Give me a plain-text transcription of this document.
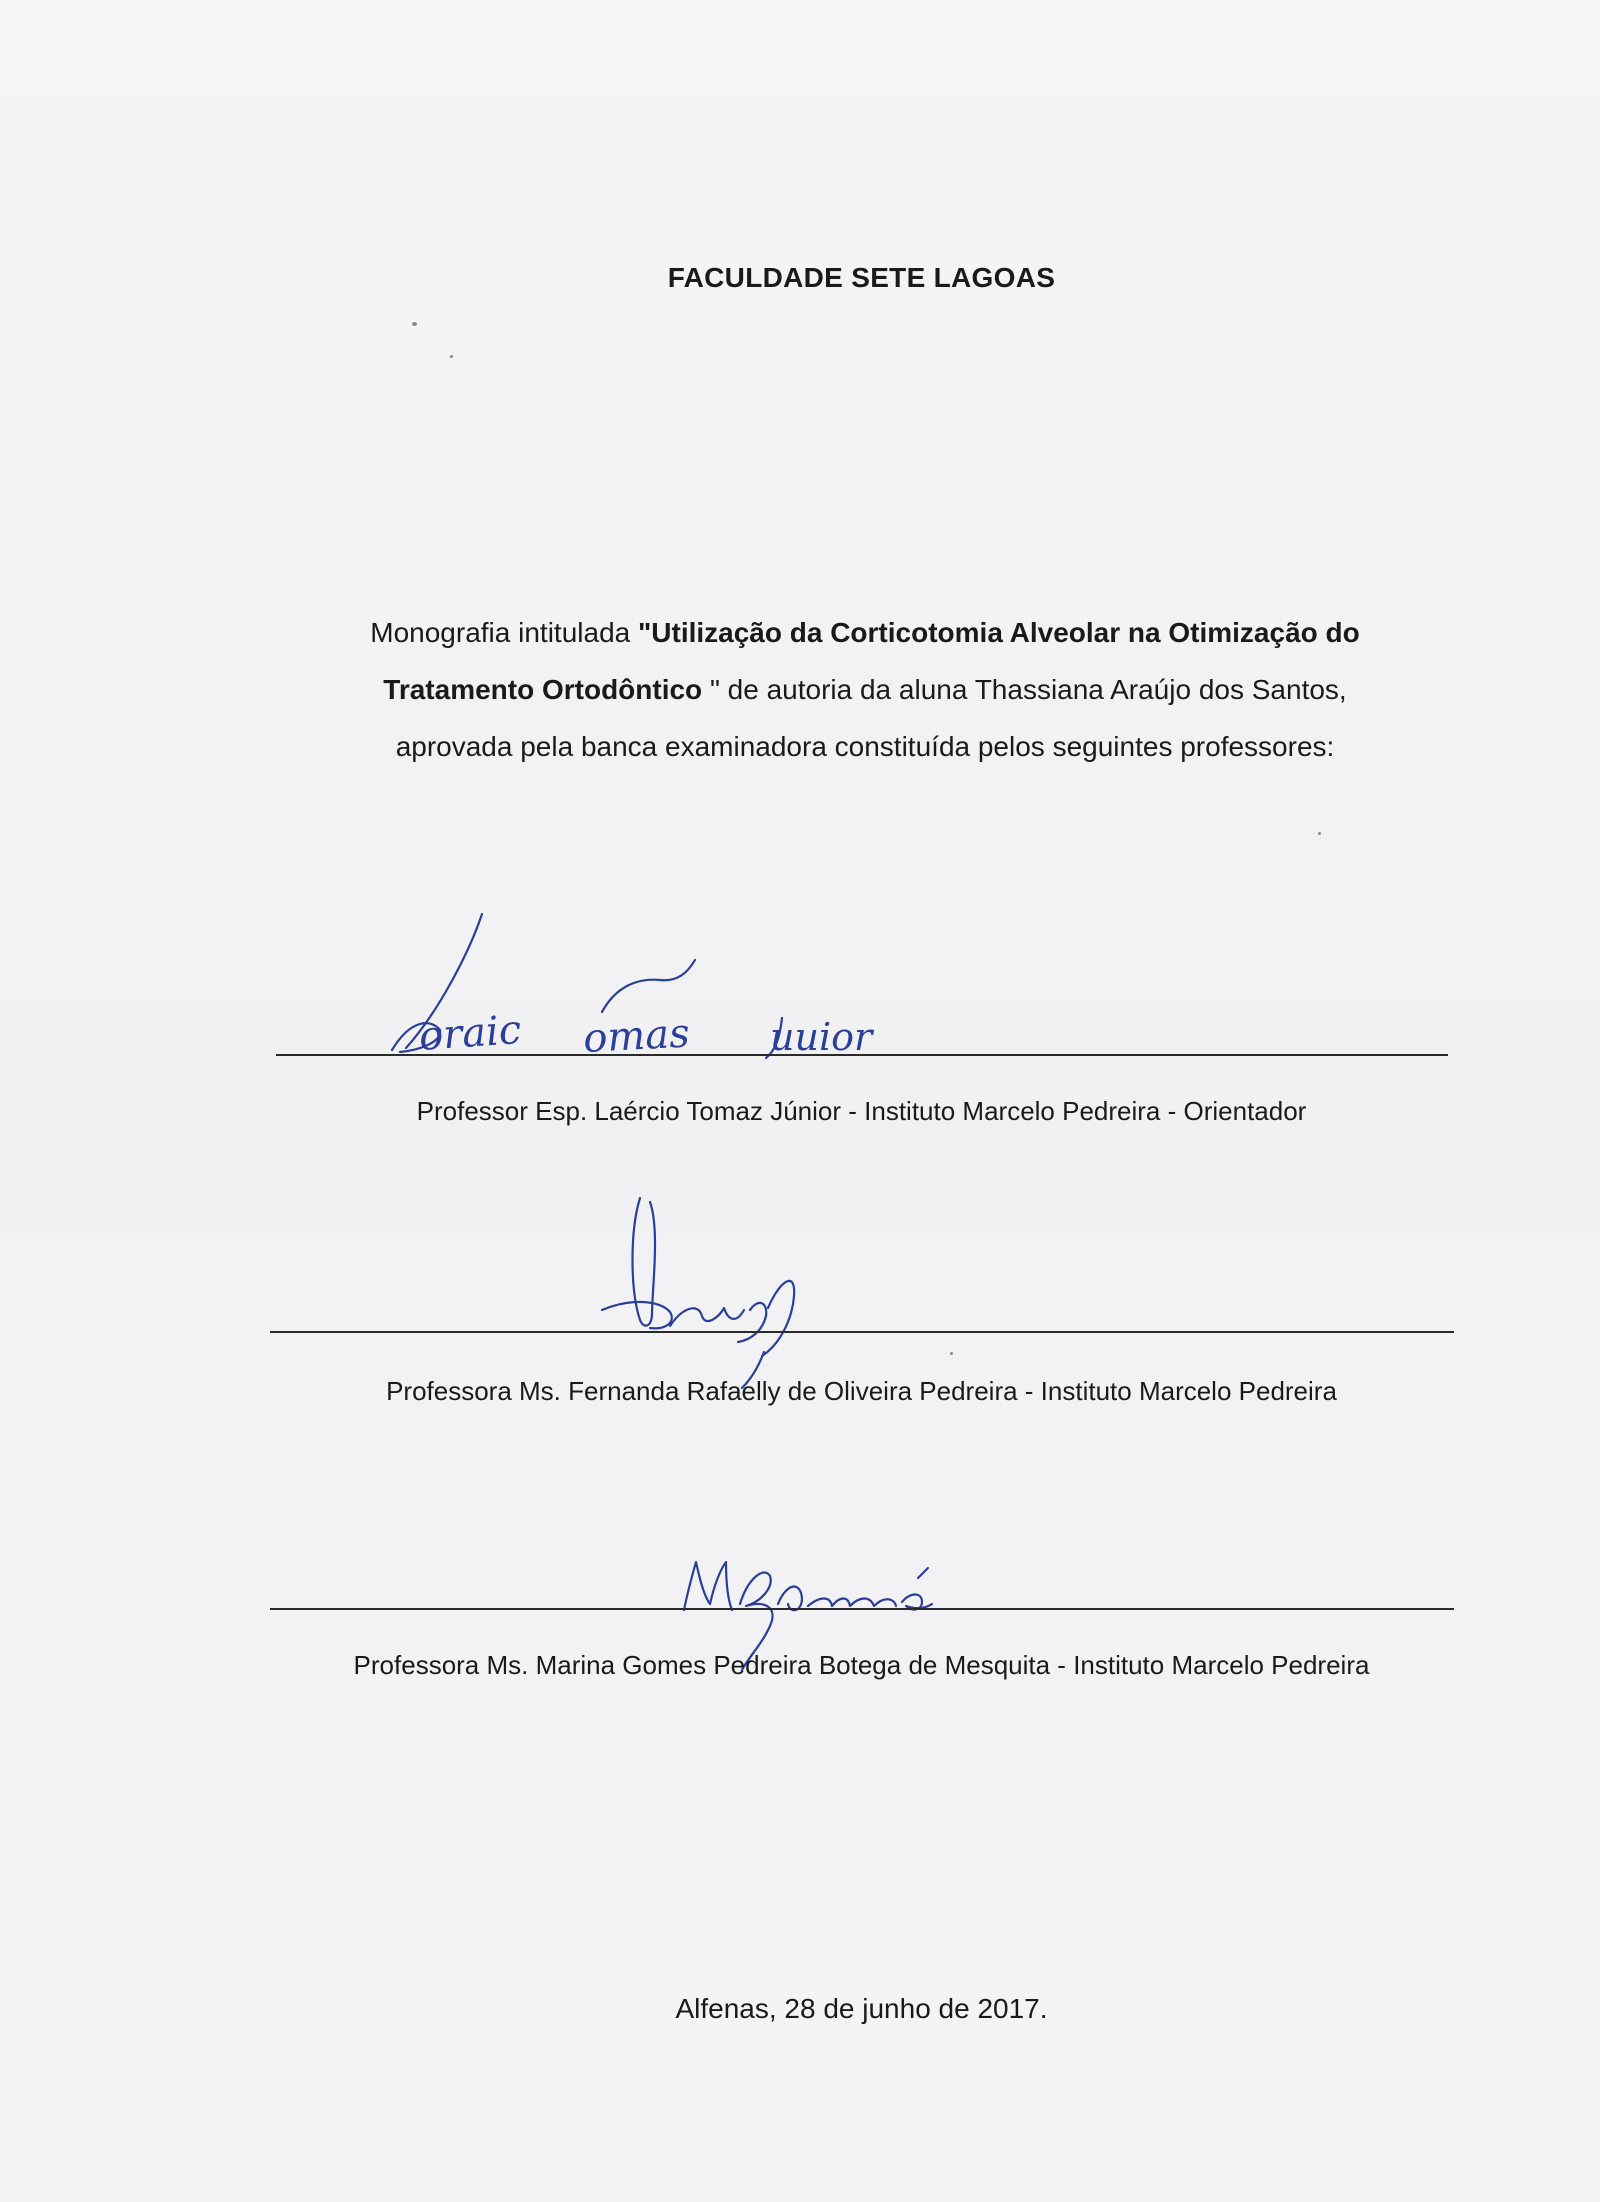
FACULDADE SETE LAGOAS
Monografia intitulada "Utilização da Corticotomia Alveolar na Otimização do
Tratamento Ortodôntico " de autoria da aluna Thassiana Araújo dos Santos,
aprovada pela banca examinadora constituída pelos seguintes professores:
oraic omas uuior
Professor Esp. Laércio Tomaz Júnior - Instituto Marcelo Pedreira - Orientador
Professora Ms. Fernanda Rafaelly de Oliveira Pedreira - Instituto Marcelo Pedreira
Professora Ms. Marina Gomes Pedreira Botega de Mesquita - Instituto Marcelo Pedreira
Alfenas, 28 de junho de 2017.
